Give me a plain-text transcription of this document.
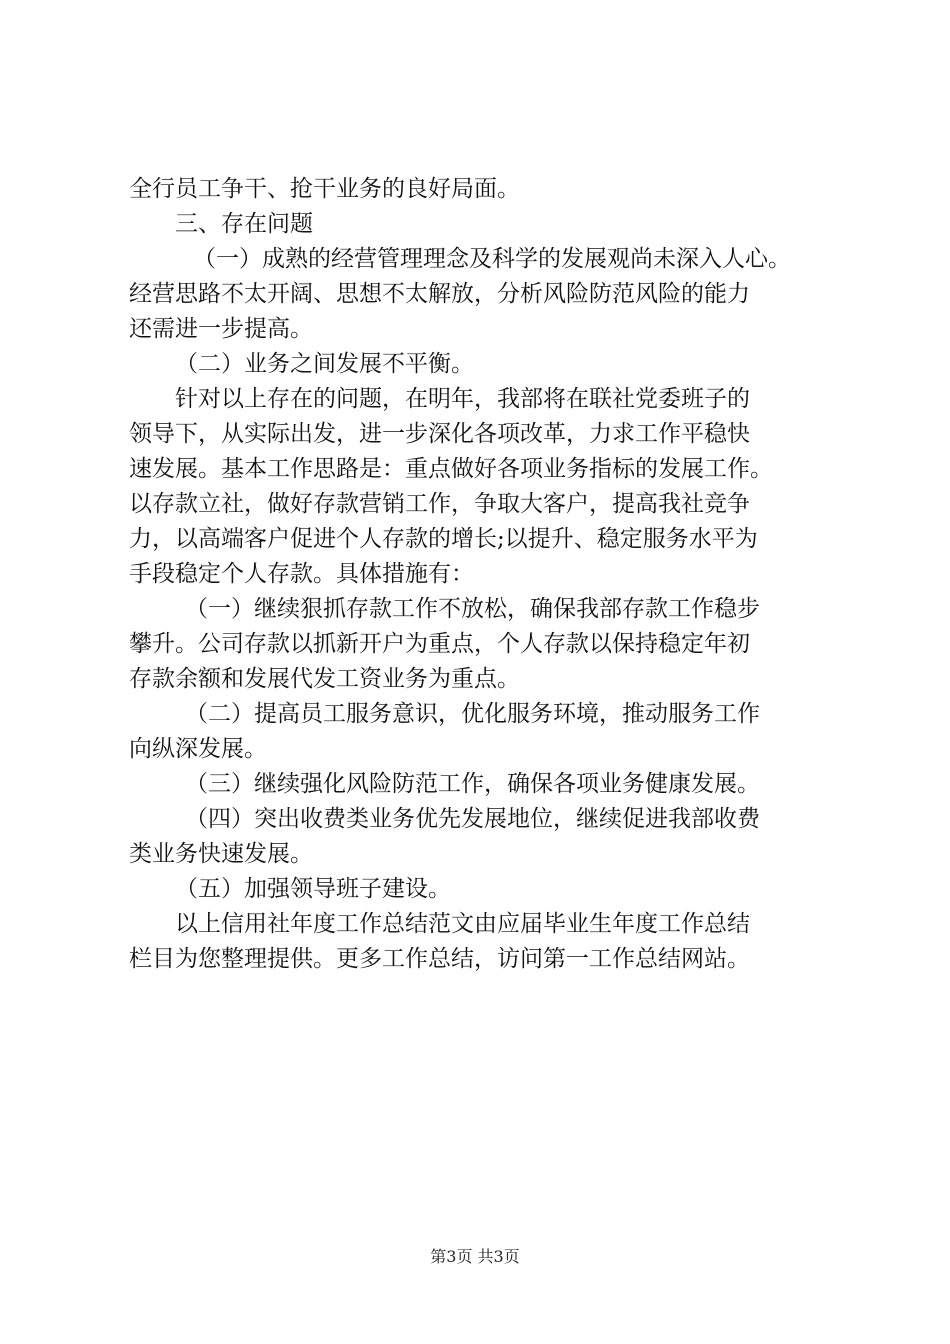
全行员工争干、抢干业务的良好局面。
三、存在问题
（一）成熟的经营管理理念及科学的发展观尚未深入人心。
经营思路不太开阔、思想不太解放，分析风险防范风险的能力
还需进一步提高。
（二）业务之间发展不平衡。
针对以上存在的问题，在明年，我部将在联社党委班子的
领导下，从实际出发，进一步深化各项改革，力求工作平稳快
速发展。基本工作思路是：重点做好各项业务指标的发展工作。
以存款立社，做好存款营销工作，争取大客户，提高我社竞争
力，以高端客户促进个人存款的增长;以提升、稳定服务水平为
手段稳定个人存款。具体措施有：
（一）继续狠抓存款工作不放松，确保我部存款工作稳步
攀升。公司存款以抓新开户为重点，个人存款以保持稳定年初
存款余额和发展代发工资业务为重点。
（二）提高员工服务意识，优化服务环境，推动服务工作
向纵深发展。
（三）继续强化风险防范工作，确保各项业务健康发展。
（四）突出收费类业务优先发展地位，继续促进我部收费
类业务快速发展。
（五）加强领导班子建设。
以上信用社年度工作总结范文由应届毕业生年度工作总结
栏目为您整理提供。更多工作总结，访问第一工作总结网站。
第3页 共3页
